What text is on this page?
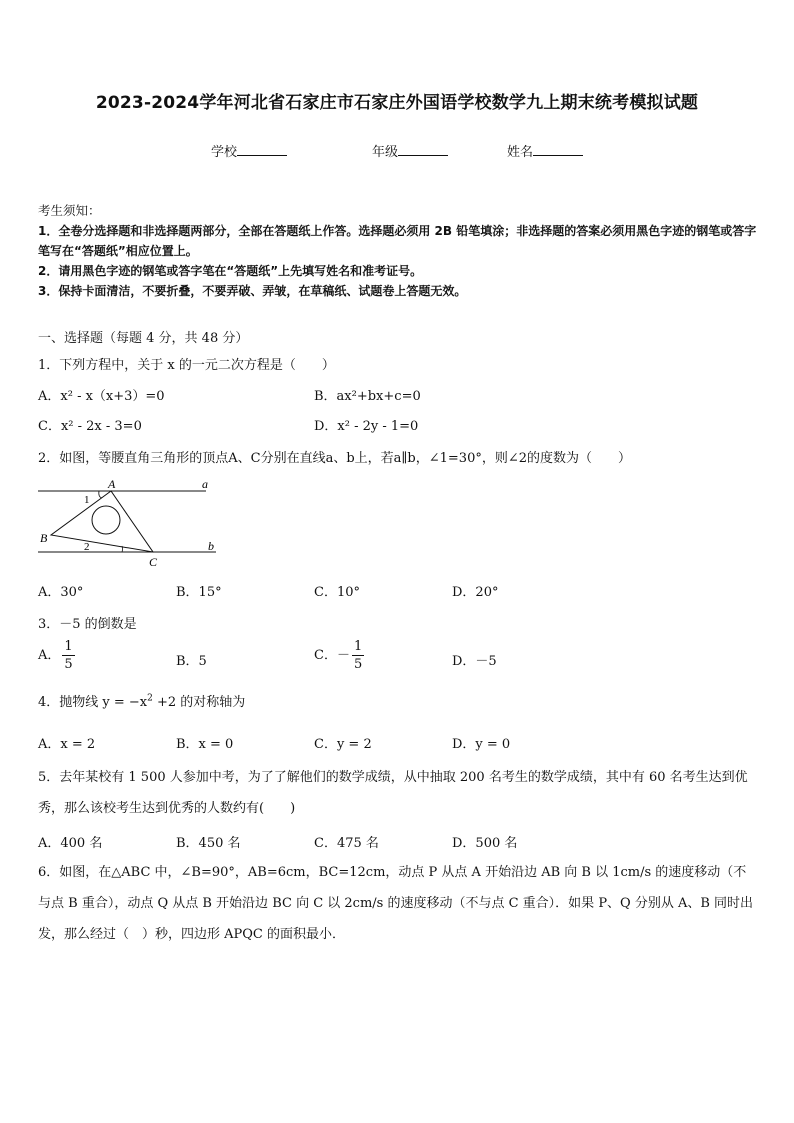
2023-2024学年河北省石家庄市石家庄外国语学校数学九上期末统考模拟试题
学校	年级	姓名
考生须知：
1．全卷分选择题和非选择题两部分，全部在答题纸上作答。选择题必须用 2B 铅笔填涂；非选择题的答案必须用黑色字迹的钢笔或答字笔写在“答题纸”相应位置上。
2．请用黑色字迹的钢笔或答字笔在“答题纸”上先填写姓名和准考证号。
3．保持卡面清洁，不要折叠，不要弄破、弄皱，在草稿纸、试题卷上答题无效。
一、选择题（每题 4 分，共 48 分）
1．下列方程中，关于 x 的一元二次方程是（　　）
A．x² - x（x+3）=0	B．ax²+bx+c=0
C．x² - 2x - 3=0	D．x² - 2y - 1=0
2．如图，等腰直角三角形的顶点A、C分别在直线a、b上，若a∥b，∠1=30°，则∠2的度数为（　　）
A
B
C
a
b
1
2
A．30°	B．15°	C．10°	D．20°
3．－5 的倒数是
A． $\frac{1}{5}$	B．5	C．－ $\frac{1}{5}$	D．－5
4．抛物线 $y = -x^2 +2$ 的对称轴为
A．x = 2	B．x = 0	C．y = 2	D．y = 0
5．去年某校有 1 500 人参加中考，为了了解他们的数学成绩，从中抽取 200 名考生的数学成绩，其中有 60 名考生达到优秀，那么该校考生达到优秀的人数约有(　　)
A．400 名	B．450 名	C．475 名	D．500 名
6．如图，在△ABC 中，∠B=90°，AB=6cm，BC=12cm，动点 P 从点 A 开始沿边 AB 向 B 以 1cm/s 的速度移动（不与点 B 重合），动点 Q 从点 B 开始沿边 BC 向 C 以 2cm/s 的速度移动（不与点 C 重合）．如果 P、Q 分别从 A、B 同时出发，那么经过（　）秒，四边形 APQC 的面积最小．
